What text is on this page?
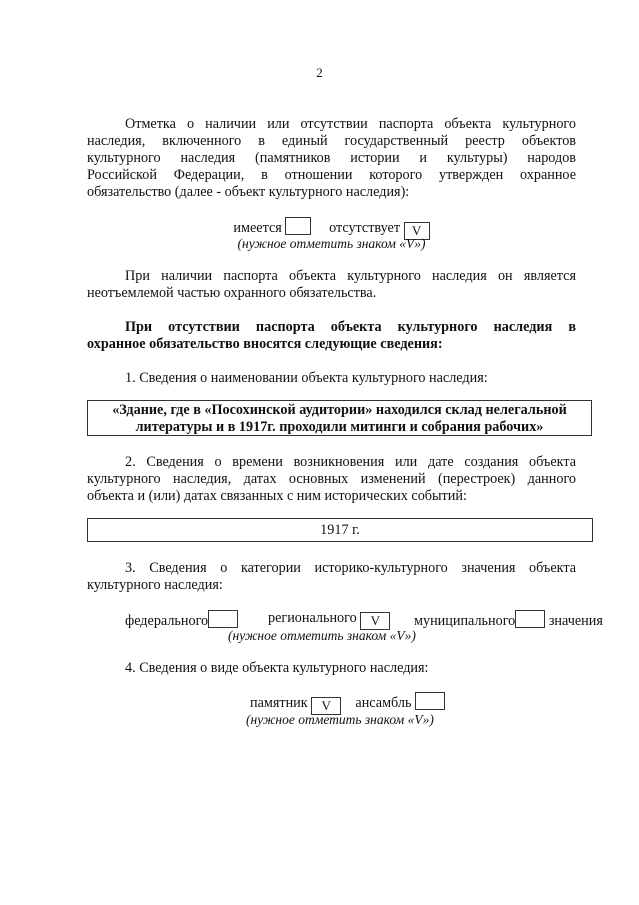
2
Отметка о наличии или отсутствии паспорта объекта культурного
наследия, включенного в единый государственный реестр объектов
культурного наследия (памятников истории и культуры) народов
Российской Федерации, в отношении которого утвержден охранное
обязательство (далее - объект культурного наследия):
имеется	отсутствует V
(нужное отметить знаком «V»)
При наличии паспорта объекта культурного наследия он является
неотъемлемой частью охранного обязательства.
При отсутствии паспорта объекта культурного наследия в
охранное обязательство вносятся следующие сведения:
1. Сведения о наименовании объекта культурного наследия:
«Здание, где в «Посохинской аудитории» находился склад нелегальной
литературы и в 1917г. проходили митинги и собрания рабочих»
2. Сведения о времени возникновения или дате создания объекта
культурного наследия, датах основных изменений (перестроек) данного
объекта и (или) датах связанных с ним исторических событий:
1917 г.
3. Сведения о категории историко-культурного значения объекта
культурного наследия:
федерального	регионального V	муниципального значения
(нужное отметить знаком «V»)
4. Сведения о виде объекта культурного наследия:
памятник V ансамбль
(нужное отметить знаком «V»)
